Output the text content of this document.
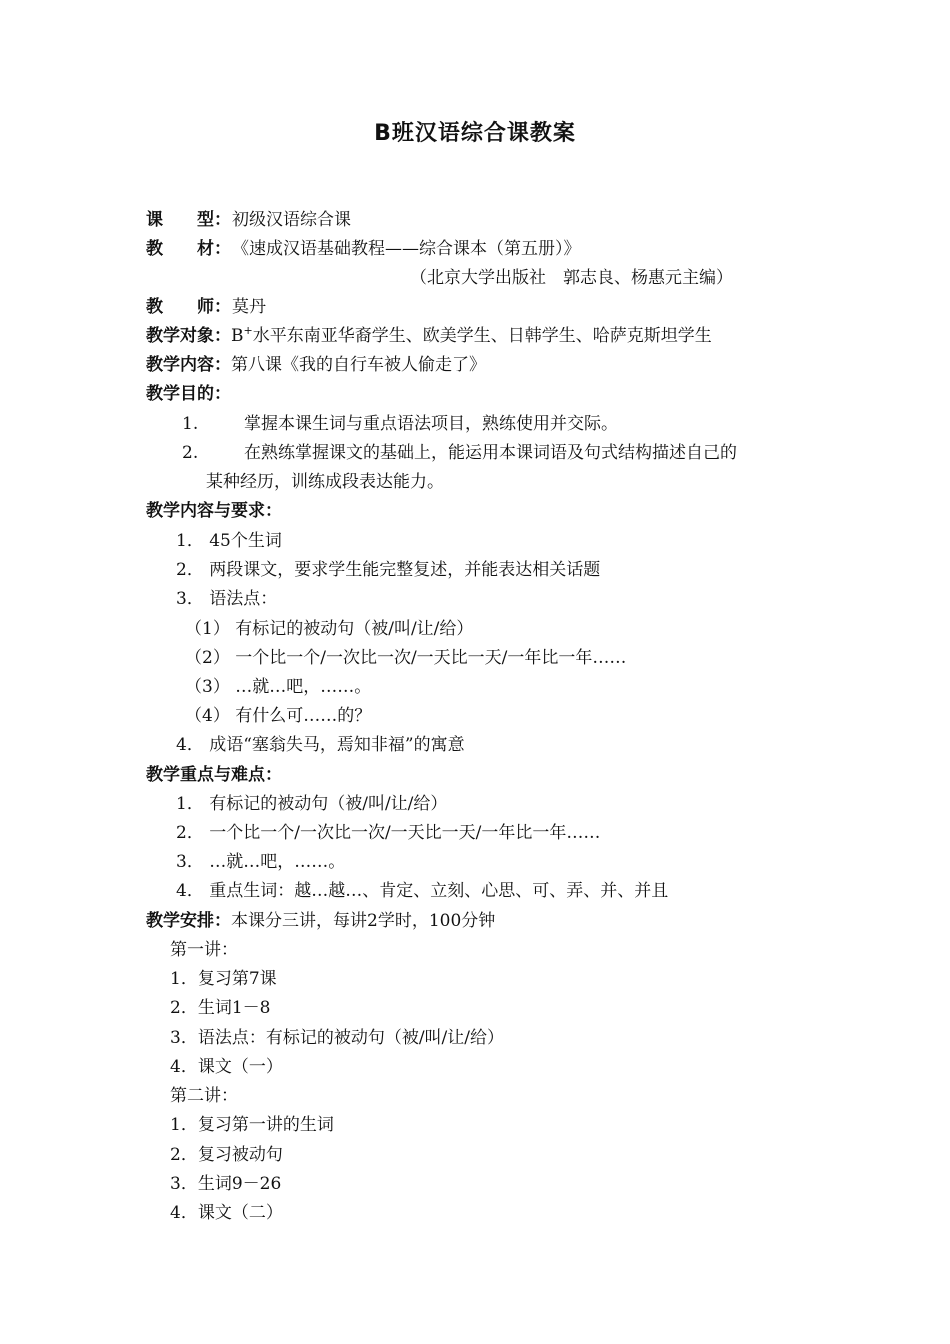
B班汉语综合课教案
课 型：初级汉语综合课
教 材：《速成汉语基础教程——综合课本（第五册）》
（北京大学出版社　郭志良、杨惠元主编）
教 师：莫丹
教学对象：B+水平东南亚华裔学生、欧美学生、日韩学生、哈萨克斯坦学生
教学内容：第八课《我的自行车被人偷走了》
教学目的：
1.	掌握本课生词与重点语法项目，熟练使用并交际。
2.	在熟练掌握课文的基础上，能运用本课词语及句式结构描述自己的
某种经历，训练成段表达能力。
教学内容与要求：
1． 45个生词
2． 两段课文，要求学生能完整复述，并能表达相关话题
3． 语法点：
（1） 有标记的被动句（被/叫/让/给）
（2） 一个比一个/一次比一次/一天比一天/一年比一年……
（3） …就…吧，……。
（4） 有什么可……的？
4． 成语“塞翁失马，焉知非福”的寓意
教学重点与难点：
1． 有标记的被动句（被/叫/让/给）
2． 一个比一个/一次比一次/一天比一天/一年比一年……
3． …就…吧，……。
4． 重点生词：越…越…、肯定、立刻、心思、可、弄、并、并且
教学安排：本课分三讲，每讲2学时，100分钟
第一讲：
1．复习第7课
2．生词1－8
3．语法点：有标记的被动句（被/叫/让/给）
4．课文（一）
第二讲：
1．复习第一讲的生词
2．复习被动句
3．生词9－26
4．课文（二）
